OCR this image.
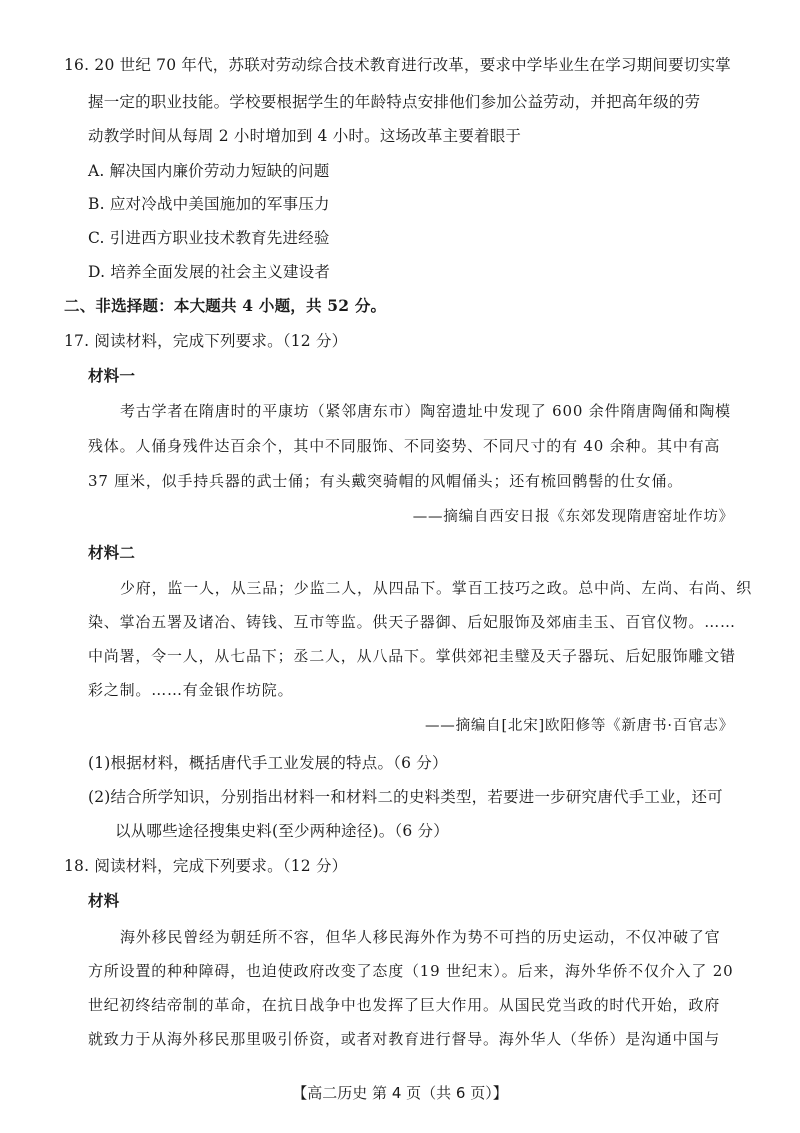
16. 20 世纪 70 年代，苏联对劳动综合技术教育进行改革，要求中学毕业生在学习期间要切实掌
握一定的职业技能。学校要根据学生的年龄特点安排他们参加公益劳动，并把高年级的劳
动教学时间从每周 2 小时增加到 4 小时。这场改革主要着眼于
A. 解决国内廉价劳动力短缺的问题
B. 应对冷战中美国施加的军事压力
C. 引进西方职业技术教育先进经验
D. 培养全面发展的社会主义建设者
二、非选择题：本大题共 4 小题，共 52 分。
17. 阅读材料，完成下列要求。（12 分）
材料一
考古学者在隋唐时的平康坊（紧邻唐东市）陶窑遗址中发现了 600 余件隋唐陶俑和陶模
残体。人俑身残件达百余个，其中不同服饰、不同姿势、不同尺寸的有 40 余种。其中有高
37 厘米，似手持兵器的武士俑；有头戴突骑帽的风帽俑头；还有梳回鹘髻的仕女俑。
——摘编自西安日报《东郊发现隋唐窑址作坊》
材料二
少府，监一人，从三品；少监二人，从四品下。掌百工技巧之政。总中尚、左尚、右尚、织
染、掌冶五署及诸冶、铸钱、互市等监。供天子器御、后妃服饰及郊庙圭玉、百官仪物。……
中尚署，令一人，从七品下；丞二人，从八品下。掌供郊祀圭璧及天子器玩、后妃服饰雕文错
彩之制。……有金银作坊院。
——摘编自[北宋]欧阳修等《新唐书·百官志》
(1)根据材料，概括唐代手工业发展的特点。（6 分）
(2)结合所学知识，分别指出材料一和材料二的史料类型，若要进一步研究唐代手工业，还可
以从哪些途径搜集史料(至少两种途径)。（6 分）
18. 阅读材料，完成下列要求。（12 分）
材料
海外移民曾经为朝廷所不容，但华人移民海外作为势不可挡的历史运动，不仅冲破了官
方所设置的种种障碍，也迫使政府改变了态度（19 世纪末）。后来，海外华侨不仅介入了 20
世纪初终结帝制的革命，在抗日战争中也发挥了巨大作用。从国民党当政的时代开始，政府
就致力于从海外移民那里吸引侨资，或者对教育进行督导。海外华人（华侨）是沟通中国与
【高二历史 第 4 页（共 6 页）】
